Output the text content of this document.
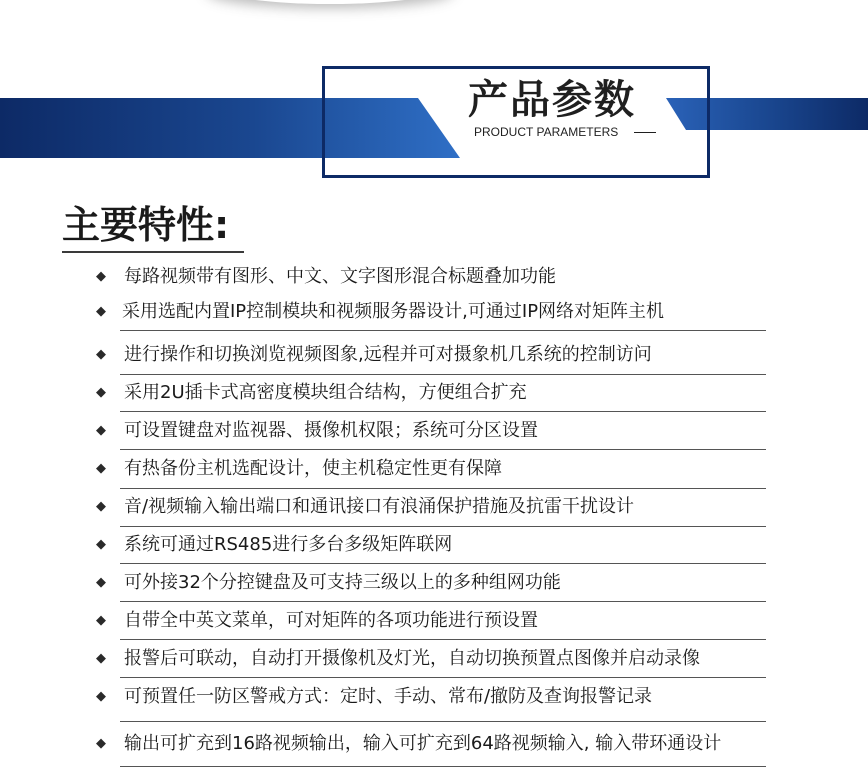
产品参数
PRODUCT PARAMETERS
主要特性:
◆ 每路视频带有图形、中文、文字图形混合标题叠加功能
◆ 采用选配内置IP控制模块和视频服务器设计,可通过IP网络对矩阵主机
◆ 进行操作和切换浏览视频图象,远程并可对摄象机几系统的控制访问
◆ 采用2U插卡式高密度模块组合结构，方便组合扩充
◆ 可设置键盘对监视器、摄像机权限；系统可分区设置
◆ 有热备份主机选配设计，使主机稳定性更有保障
◆ 音/视频输入输出端口和通讯接口有浪涌保护措施及抗雷干扰设计
◆ 系统可通过RS485进行多台多级矩阵联网
◆ 可外接32个分控键盘及可支持三级以上的多种组网功能
◆ 自带全中英文菜单，可对矩阵的各项功能进行预设置
◆ 报警后可联动，自动打开摄像机及灯光，自动切换预置点图像并启动录像
◆ 可预置任一防区警戒方式：定时、手动、常布/撤防及查询报警记录
◆ 输出可扩充到16路视频输出，输入可扩充到64路视频输入, 输入带环通设计
